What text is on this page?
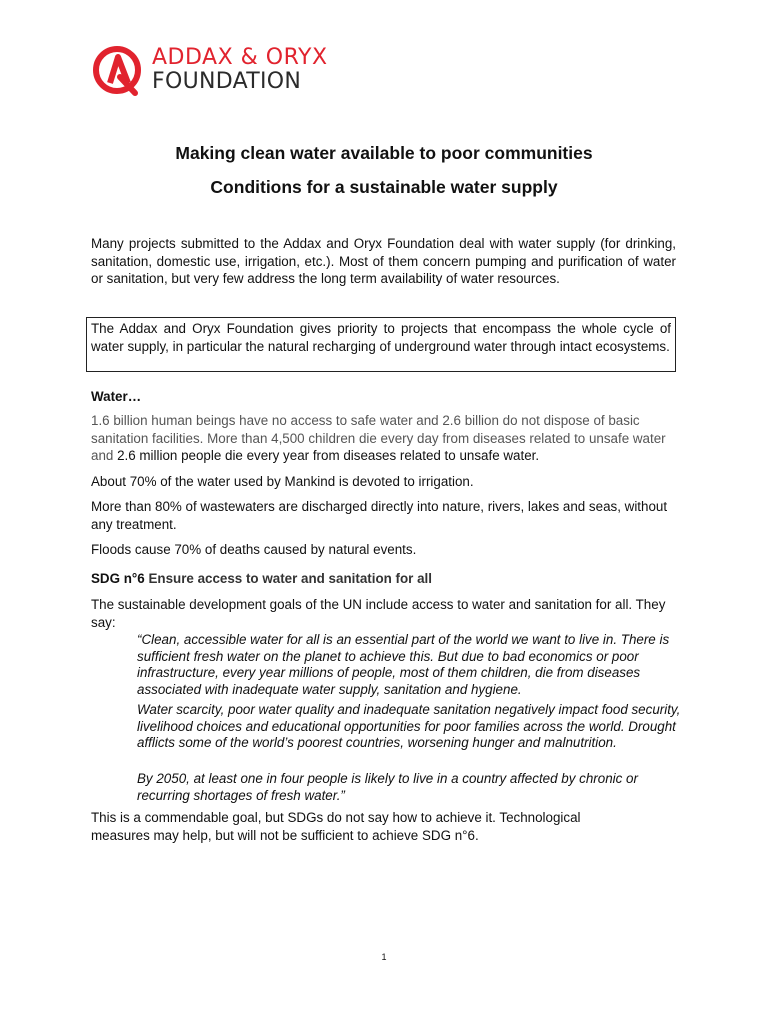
ADDAX & ORYX
FOUNDATION
Making clean water available to poor communities
Conditions for a sustainable water supply

Many projects submitted to the Addax and Oryx Foundation deal with water supply (for drinking, sanitation, domestic use, irrigation, etc.). Most of them concern pumping and purification of water or sanitation, but very few address the long term availability of water resources.

The Addax and Oryx Foundation gives priority to projects that encompass the whole cycle of water supply, in particular the natural recharging of underground water through intact ecosystems.
Water…

1.6 billion human beings have no access to safe water and 2.6 billion do not dispose of basic sanitation facilities. More than 4,500 children die every day from diseases related to unsafe water and 2.6 million people die every year from diseases related to unsafe water.

About 70% of the water used by Mankind is devoted to irrigation.

More than 80% of wastewaters are discharged directly into nature, rivers, lakes and seas, without any treatment.

Floods cause 70% of deaths caused by natural events.

SDG n°6 Ensure access to water and sanitation for all

The sustainable development goals of the UN include access to water and sanitation for all. They say:

“Clean, accessible water for all is an essential part of the world we want to live in. There is sufficient fresh water on the planet to achieve this. But due to bad economics or poor infrastructure, every year millions of people, most of them children, die from diseases associated with inadequate water supply, sanitation and hygiene.

Water scarcity, poor water quality and inadequate sanitation negatively impact food security, livelihood choices and educational opportunities for poor families across the world. Drought afflicts some of the world’s poorest countries, worsening hunger and malnutrition.

By 2050, at least one in four people is likely to live in a country affected by chronic or recurring shortages of fresh water.”

This is a commendable goal, but SDGs do not say how to achieve it. Technological measures may help, but will not be sufficient to achieve SDG n°6.

1
